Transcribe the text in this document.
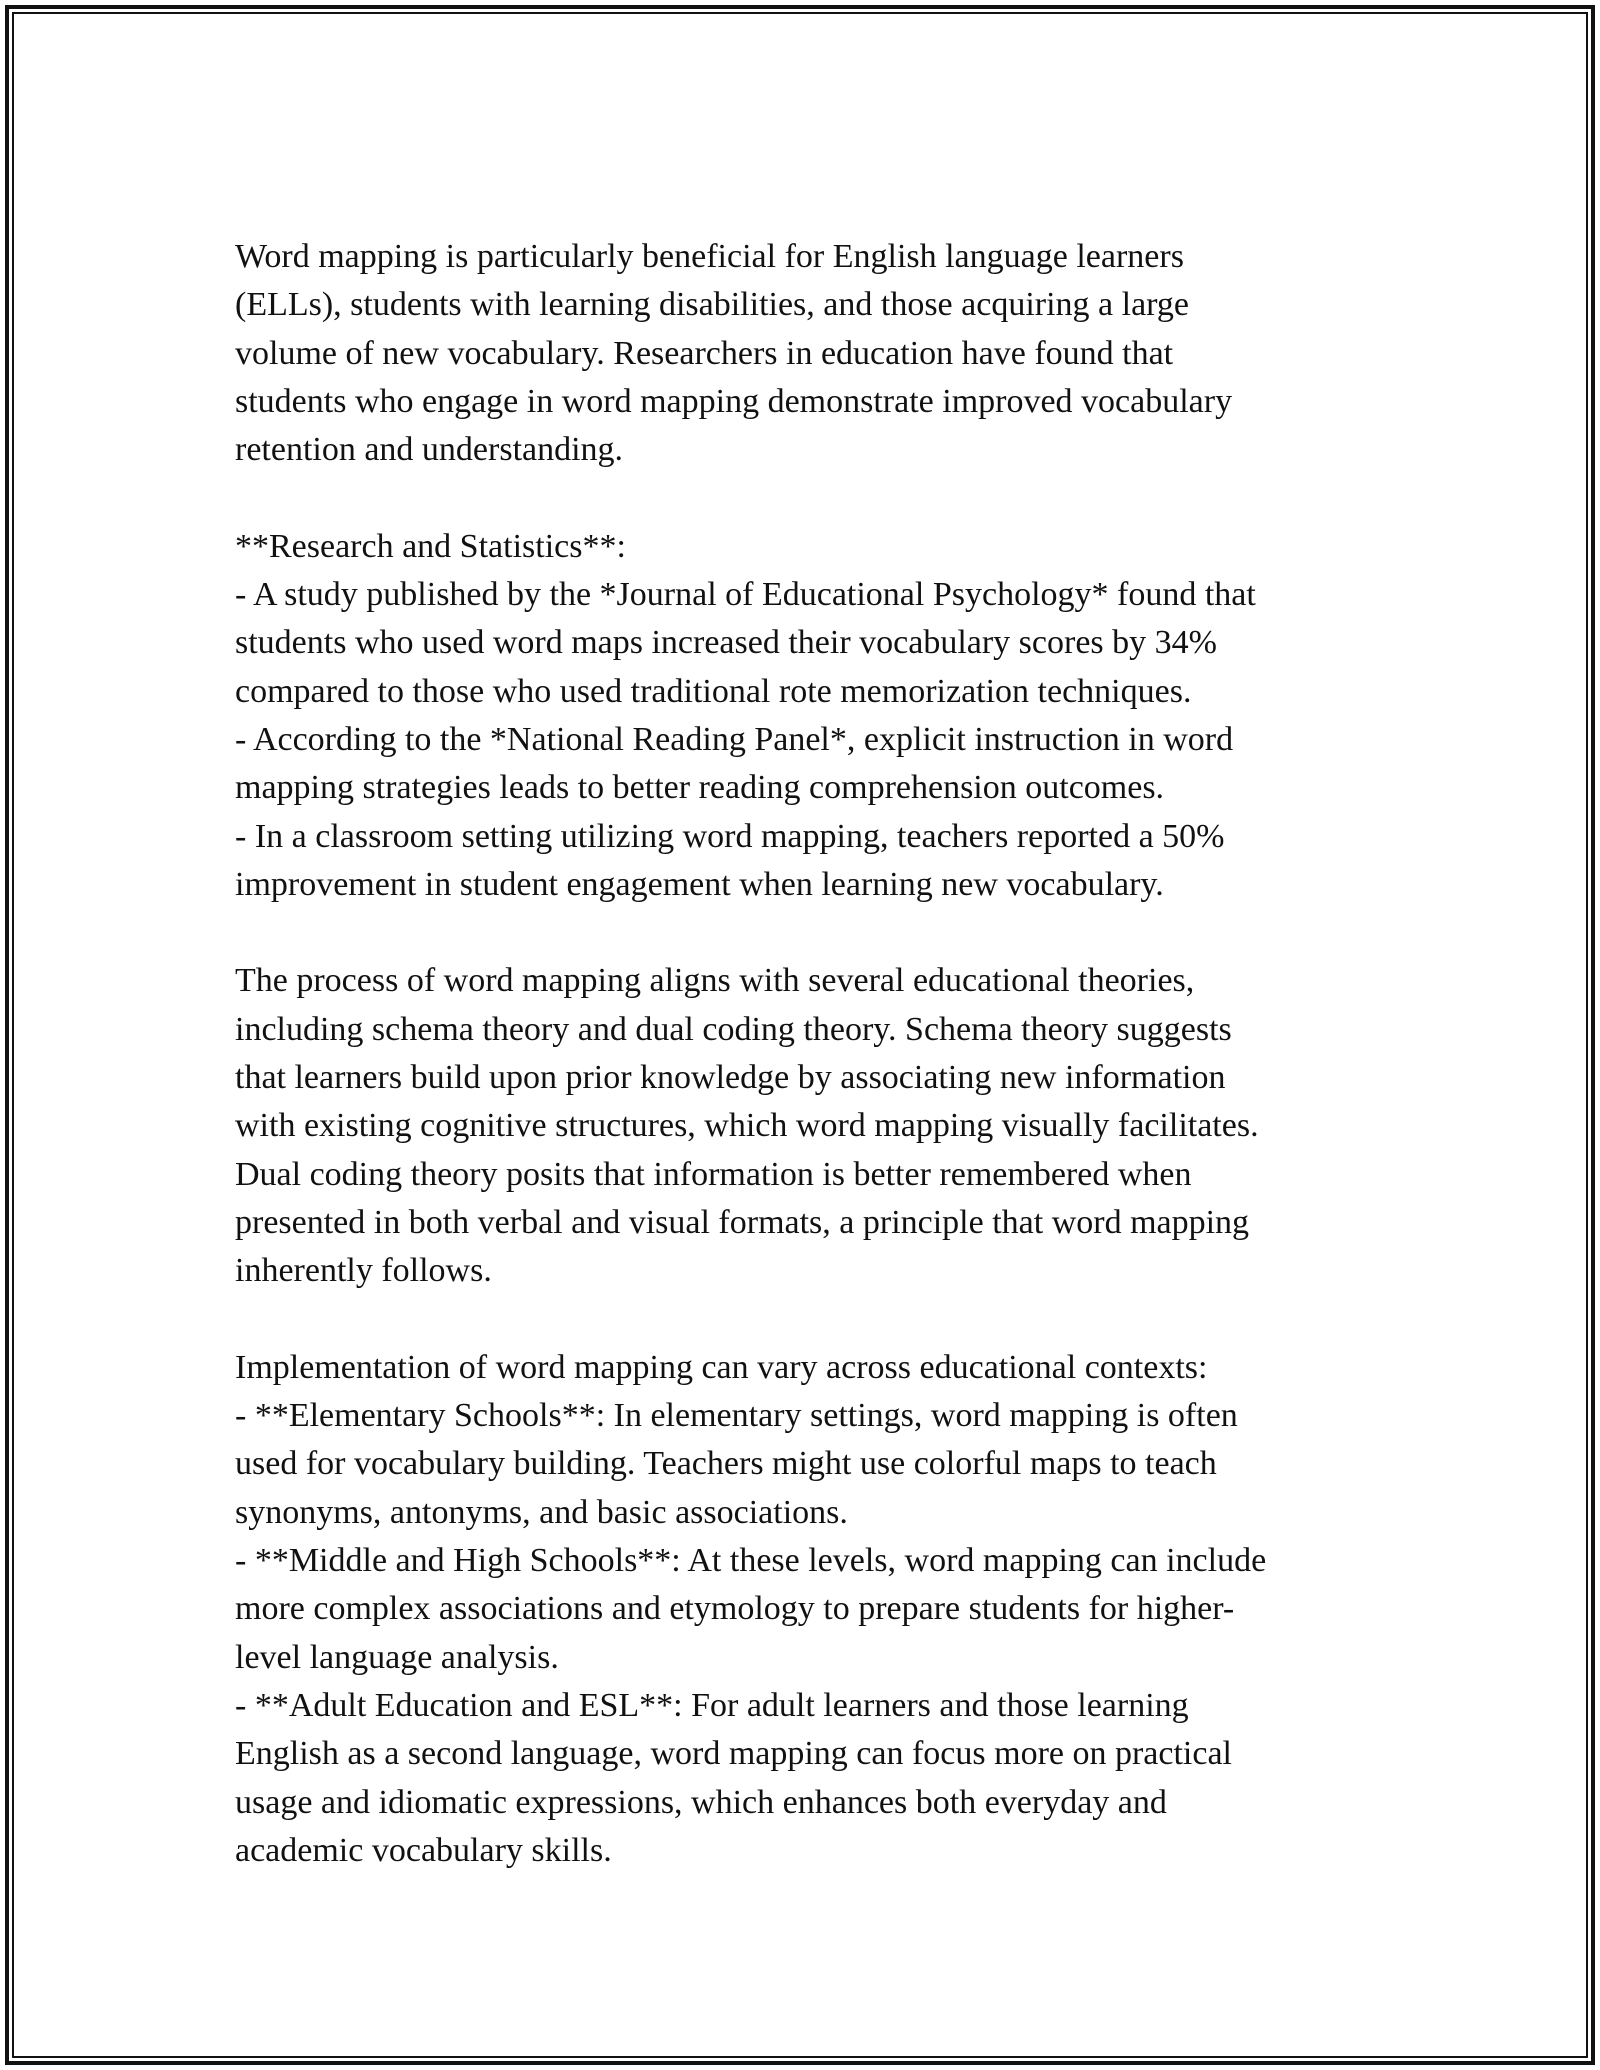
Word mapping is particularly beneficial for English language learners

(ELLs), students with learning disabilities, and those acquiring a large

volume of new vocabulary. Researchers in education have found that

students who engage in word mapping demonstrate improved vocabulary

retention and understanding.

**Research and Statistics**:

- A study published by the *Journal of Educational Psychology* found that

students who used word maps increased their vocabulary scores by 34%

compared to those who used traditional rote memorization techniques.

- According to the *National Reading Panel*, explicit instruction in word

mapping strategies leads to better reading comprehension outcomes.

- In a classroom setting utilizing word mapping, teachers reported a 50%

improvement in student engagement when learning new vocabulary.

The process of word mapping aligns with several educational theories,

including schema theory and dual coding theory. Schema theory suggests

that learners build upon prior knowledge by associating new information

with existing cognitive structures, which word mapping visually facilitates.

Dual coding theory posits that information is better remembered when

presented in both verbal and visual formats, a principle that word mapping

inherently follows.

Implementation of word mapping can vary across educational contexts:

- **Elementary Schools**: In elementary settings, word mapping is often

used for vocabulary building. Teachers might use colorful maps to teach

synonyms, antonyms, and basic associations.

- **Middle and High Schools**: At these levels, word mapping can include

more complex associations and etymology to prepare students for higher-

level language analysis.

- **Adult Education and ESL**: For adult learners and those learning

English as a second language, word mapping can focus more on practical

usage and idiomatic expressions, which enhances both everyday and

academic vocabulary skills.
